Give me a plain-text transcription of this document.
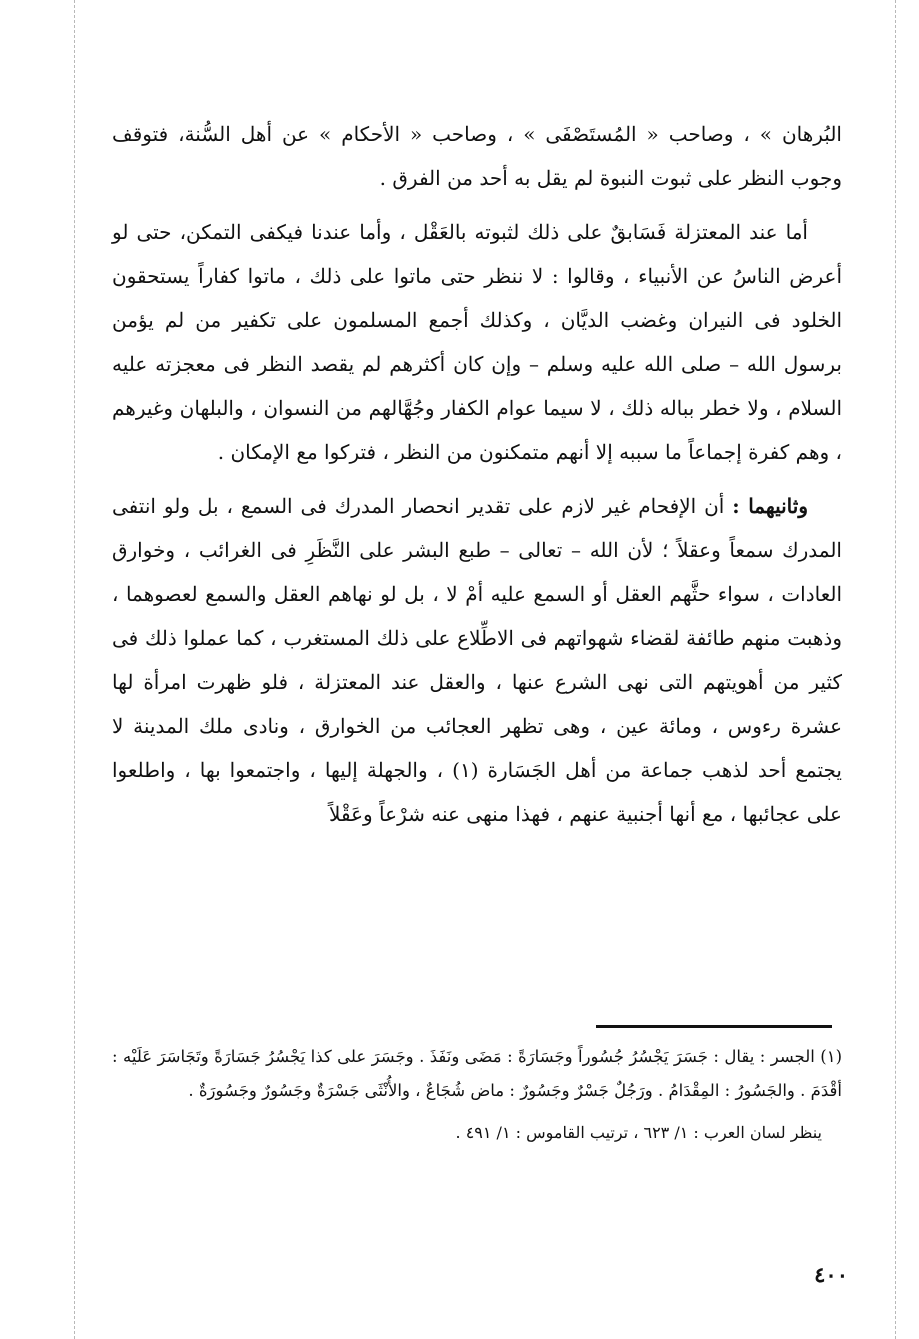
البُرهان » ، وصاحب « المُستَصْفَى » ، وصاحب « الأحكام » عن أهل السُّنة، فتوقف وجوب النظر على ثبوت النبوة لم يقل به أحد من الفرق .

أما عند المعتزلة فَسَابقٌ على ذلك لثبوته بالعَقْل ، وأما عندنا فيكفى التمكن، حتى لو أعرض الناسُ عن الأنبياء ، وقالوا : لا ننظر حتى ماتوا على ذلك ، ماتوا كفاراً يستحقون الخلود فى النيران وغضب الديَّان ، وكذلك أجمع المسلمون على تكفير من لم يؤمن برسول الله – صلى الله عليه وسلم – وإن كان أكثرهم لم يقصد النظر فى معجزته عليه السلام ، ولا خطر بباله ذلك ، لا سيما عوام الكفار وجُهَّالهم من النسوان ، والبلهان وغيرهم ، وهم كفرة إجماعاً ما سببه إلا أنهم متمكنون من النظر ، فتركوا مع الإمكان .

وثانيهما : أن الإفحام غير لازم على تقدير انحصار المدرك فى السمع ، بل ولو انتفى المدرك سمعاً وعقلاً ؛ لأن الله – تعالى – طبع البشر على النَّظَرِ فى الغرائب ، وخوارق العادات ، سواء حثَّهم العقل أو السمع عليه أمْ لا ، بل لو نهاهم العقل والسمع لعصوهما ، وذهبت منهم طائفة لقضاء شهواتهم فى الاطِّلاع على ذلك المستغرب ، كما عملوا ذلك فى كثير من أهويتهم التى نهى الشرع عنها ، والعقل عند المعتزلة ، فلو ظهرت امرأة لها عشرة رءوس ، ومائة عين ، وهى تظهر العجائب من الخوارق ، ونادى ملك المدينة لا يجتمع أحد لذهب جماعة من أهل الجَسَارة (١) ، والجهلة إليها ، واجتمعوا بها ، واطلعوا على عجائبها ، مع أنها أجنبية عنهم ، فهذا منهى عنه شرْعاً وعَقْلاً

(١) الجسر : يقال : جَسَرَ يَجْسُرُ جُسُوراً وجَسَارَةً : مَضَى ونَفَذَ . وجَسَرَ على كذا يَجْسُرُ جَسَارَةً وتَجَاسَرَ عَلَيْه : أقْدَمَ . والجَسُورُ : المِقْدَامُ . ورَجُلٌ جَسْرٌ وجَسُورٌ : ماض شُجَاعٌ ، والأُنْثَى جَسْرَةٌ وجَسُورٌ وجَسُورَةٌ .

ينظر لسان العرب : ١/ ٦٢٣ ، ترتيب القاموس : ١/ ٤٩١ .

٤٠٠
